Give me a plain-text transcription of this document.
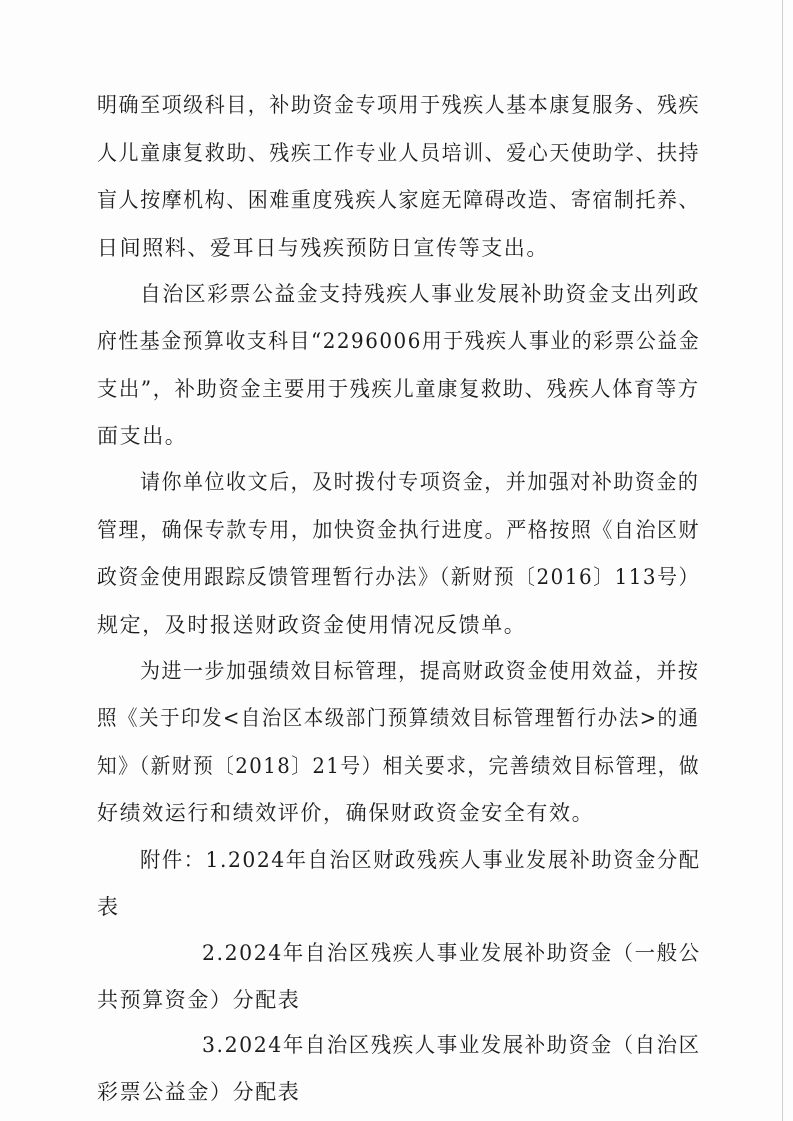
明确至项级科目，补助资金专项用于残疾人基本康复服务、残疾
人儿童康复救助、残疾工作专业人员培训、爱心天使助学、扶持
盲人按摩机构、困难重度残疾人家庭无障碍改造、寄宿制托养、
日间照料、爱耳日与残疾预防日宣传等支出。
自治区彩票公益金支持残疾人事业发展补助资金支出列政
府性基金预算收支科目“2296006用于残疾人事业的彩票公益金
支出”，补助资金主要用于残疾儿童康复救助、残疾人体育等方
面支出。
请你单位收文后，及时拨付专项资金，并加强对补助资金的
管理，确保专款专用，加快资金执行进度。严格按照《自治区财
政资金使用跟踪反馈管理暂行办法》（新财预〔2016〕113号）
规定，及时报送财政资金使用情况反馈单。
为进一步加强绩效目标管理，提高财政资金使用效益，并按
照《关于印发<自治区本级部门预算绩效目标管理暂行办法>的通
知》（新财预〔2018〕21号）相关要求，完善绩效目标管理，做
好绩效运行和绩效评价，确保财政资金安全有效。
附件：1.2024年自治区财政残疾人事业发展补助资金分配
表
2.2024年自治区残疾人事业发展补助资金（一般公
共预算资金）分配表
3.2024年自治区残疾人事业发展补助资金（自治区
彩票公益金）分配表
